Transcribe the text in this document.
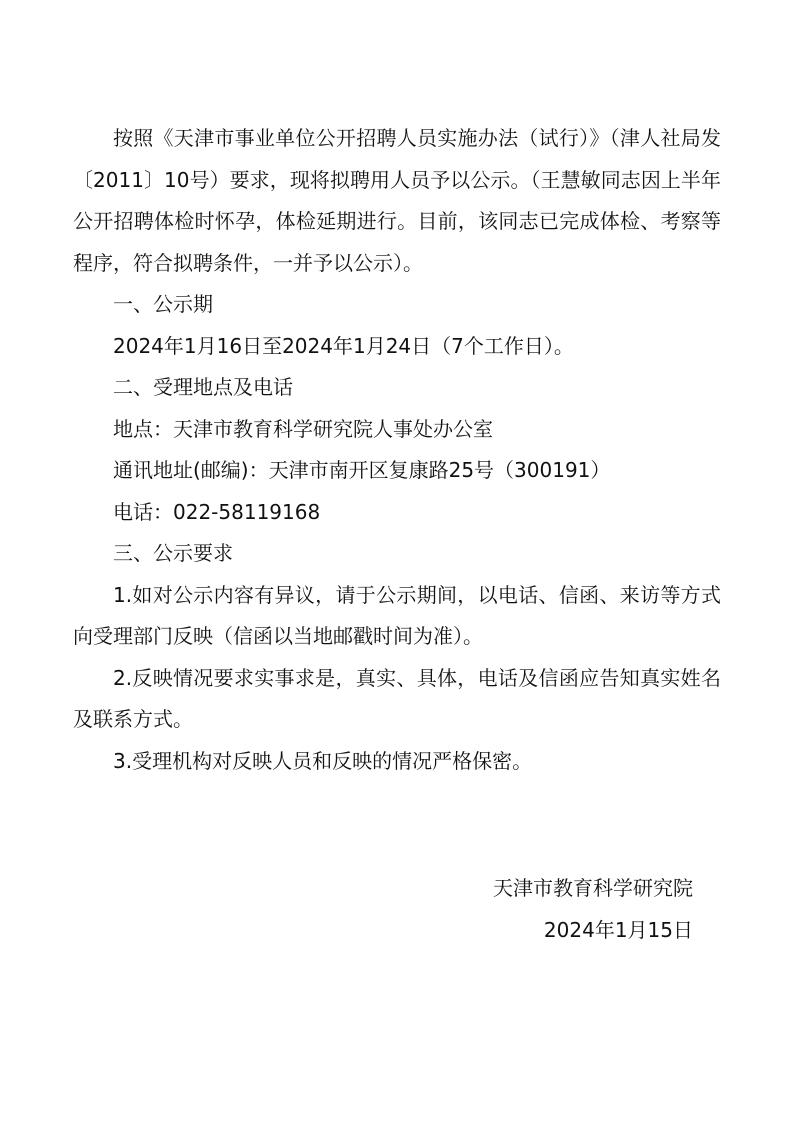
按照《天津市事业单位公开招聘人员实施办法（试行）》（津人社局发〔2011〕10号）要求，现将拟聘用人员予以公示。（王慧敏同志因上半年公开招聘体检时怀孕，体检延期进行。目前，该同志已完成体检、考察等程序，符合拟聘条件，一并予以公示）。

一、公示期

2024年1月16日至2024年1月24日（7个工作日）。

二、受理地点及电话

地点：天津市教育科学研究院人事处办公室

通讯地址(邮编)：天津市南开区复康路25号（300191）

电话：022-58119168

三、公示要求

1.如对公示内容有异议，请于公示期间，以电话、信函、来访等方式向受理部门反映（信函以当地邮戳时间为准）。

2.反映情况要求实事求是，真实、具体，电话及信函应告知真实姓名及联系方式。

3.受理机构对反映人员和反映的情况严格保密。

天津市教育科学研究院
2024年1月15日
